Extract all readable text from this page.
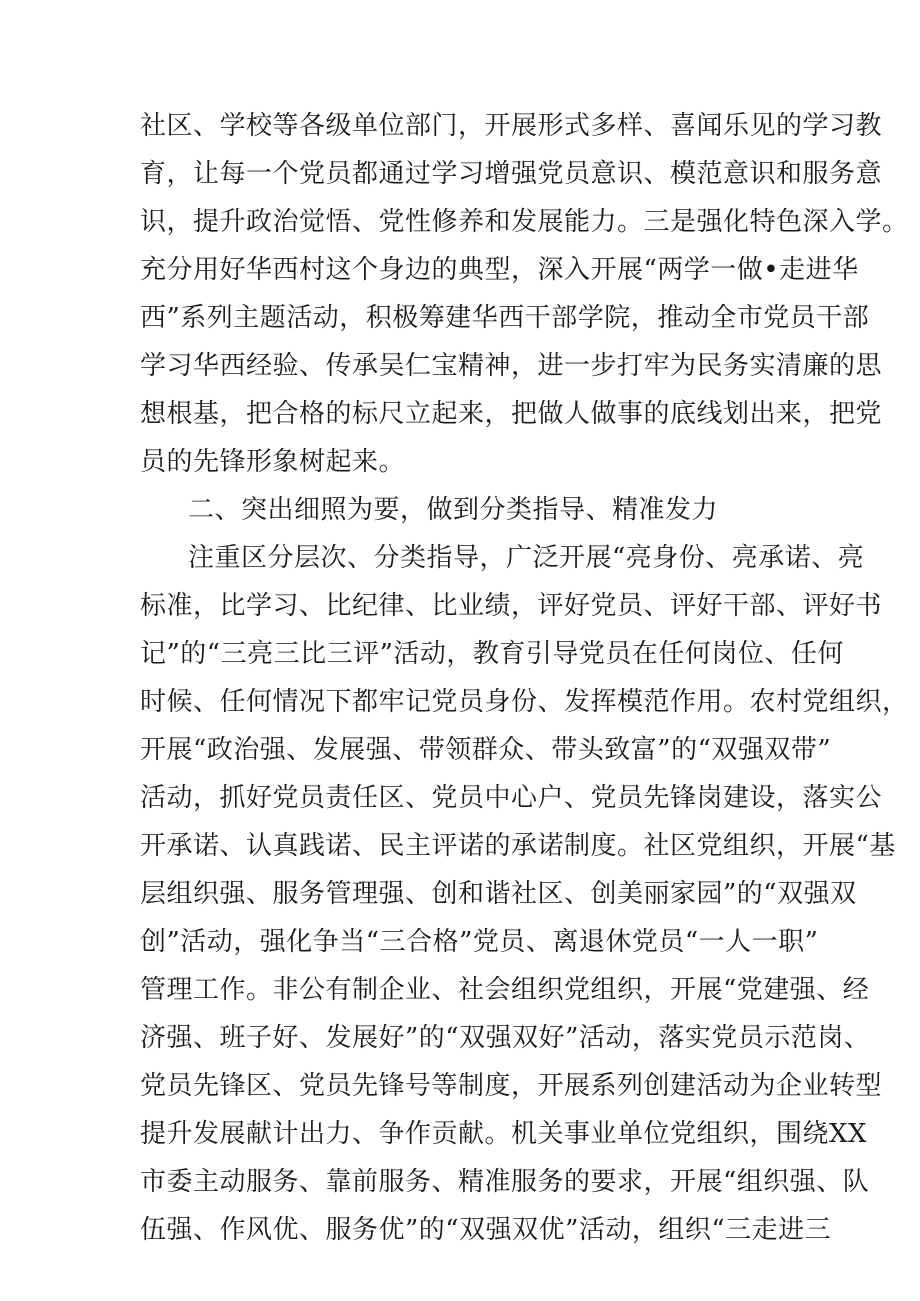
社区、学校等各级单位部门，开展形式多样、喜闻乐见的学习教
育，让每一个党员都通过学习增强党员意识、模范意识和服务意
识，提升政治觉悟、党性修养和发展能力。三是强化特色深入学。
充分用好华西村这个身边的典型，深入开展“两学一做•走进华
西”系列主题活动，积极筹建华西干部学院，推动全市党员干部
学习华西经验、传承吴仁宝精神，进一步打牢为民务实清廉的思
想根基，把合格的标尺立起来，把做人做事的底线划出来，把党
员的先锋形象树起来。
二、突出细照为要，做到分类指导、精准发力
注重区分层次、分类指导，广泛开展“亮身份、亮承诺、亮
标准，比学习、比纪律、比业绩，评好党员、评好干部、评好书
记”的“三亮三比三评”活动，教育引导党员在任何岗位、任何
时候、任何情况下都牢记党员身份、发挥模范作用。农村党组织，
开展“政治强、发展强、带领群众、带头致富”的“双强双带”
活动，抓好党员责任区、党员中心户、党员先锋岗建设，落实公
开承诺、认真践诺、民主评诺的承诺制度。社区党组织，开展“基
层组织强、服务管理强、创和谐社区、创美丽家园”的“双强双
创”活动，强化争当“三合格”党员、离退休党员“一人一职”
管理工作。非公有制企业、社会组织党组织，开展“党建强、经
济强、班子好、发展好”的“双强双好”活动，落实党员示范岗、
党员先锋区、党员先锋号等制度，开展系列创建活动为企业转型
提升发展献计出力、争作贡献。机关事业单位党组织，围绕XX
市委主动服务、靠前服务、精准服务的要求，开展“组织强、队
伍强、作风优、服务优”的“双强双优”活动，组织“三走进三
